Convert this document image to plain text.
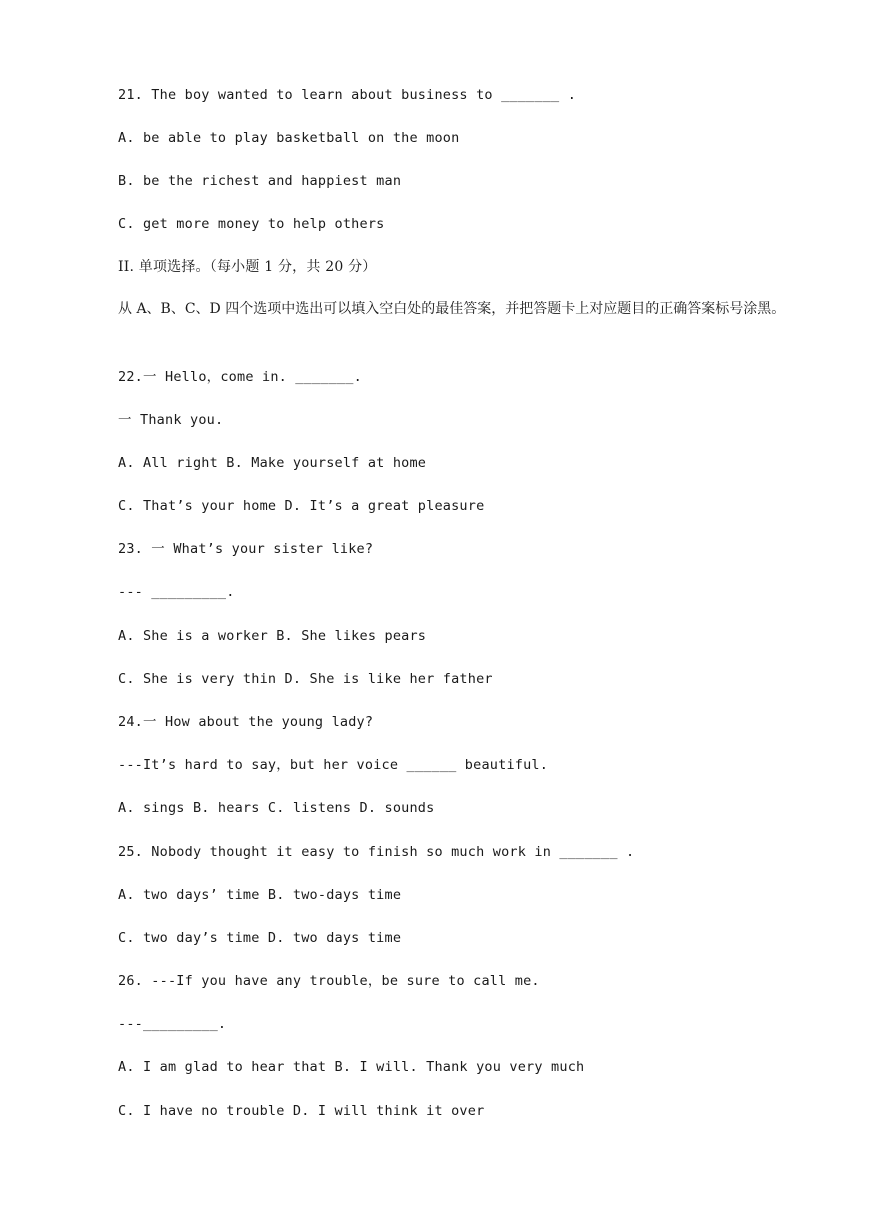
21. The boy wanted to learn about business to _______ .
A. be able to play basketball on the moon
B. be the richest and happiest man
C. get more money to help others
II. 单项选择。（每小题 1 分，共 20 分）
从 A、B、C、D 四个选项中选出可以填入空白处的最佳答案，并把答题卡上对应题目的正确答案标号涂黑。
22.一 Hello，come in. _______.
一 Thank you.
A. All right B. Make yourself at home
C. That’s your home D. It’s a great pleasure
23. 一 What’s your sister like?
--- _________.
A. She is a worker B. She likes pears
C. She is very thin D. She is like her father
24.一 How about the young lady?
---It’s hard to say，but her voice ______ beautiful.
A. sings B. hears C. listens D. sounds
25. Nobody thought it easy to finish so much work in _______ .
A. two days’ time B. two-days time
C. two day’s time D. two days time
26. ---If you have any trouble，be sure to call me.
---_________.
A. I am glad to hear that B. I will. Thank you very much
C. I have no trouble D. I will think it over
